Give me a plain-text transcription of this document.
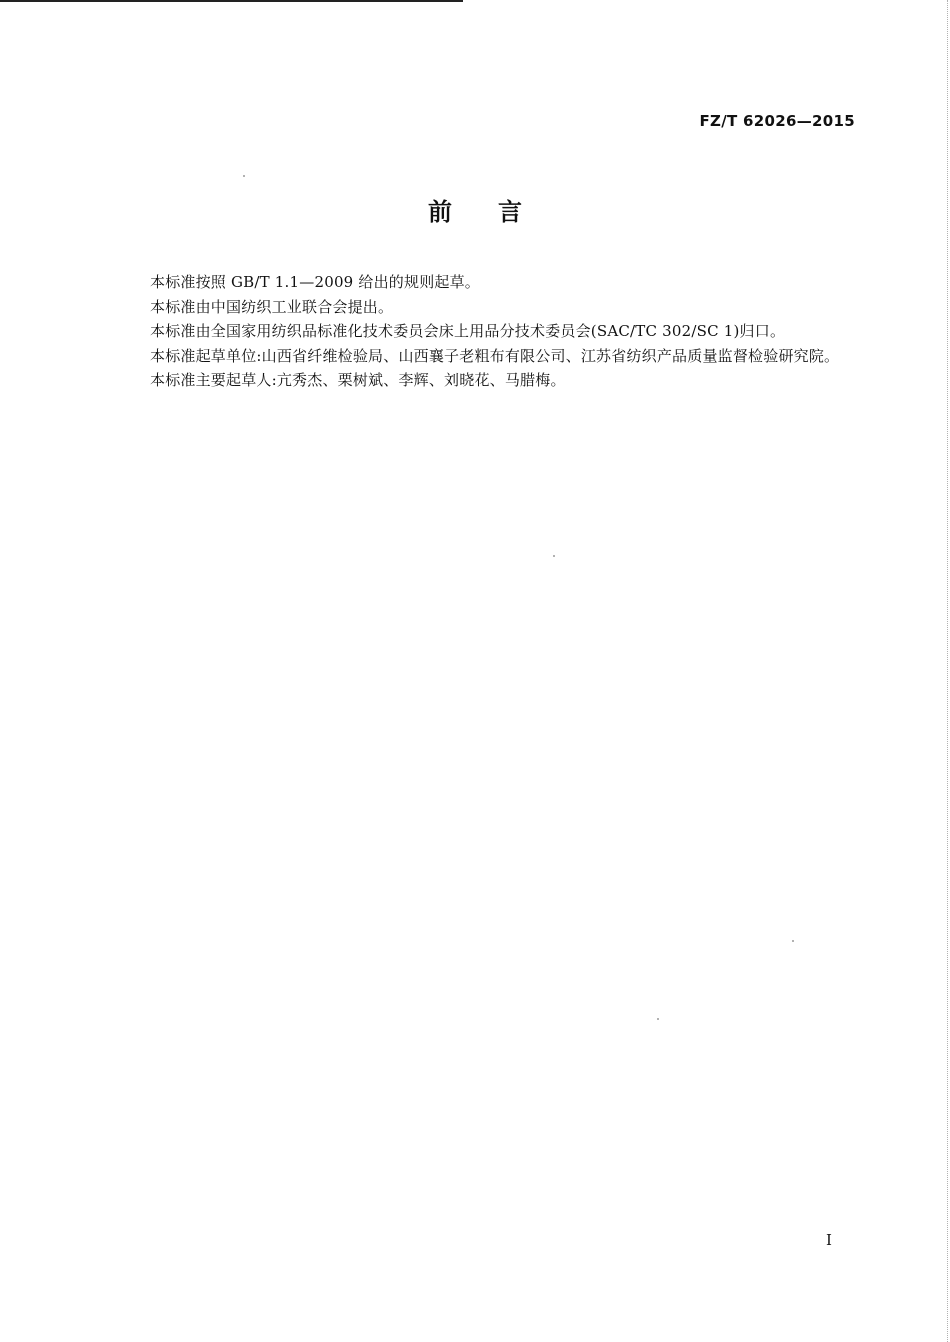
FZ/T 62026—2015
前言

本标准按照 GB/T 1.1—2009 给出的规则起草。

本标准由中国纺织工业联合会提出。

本标准由全国家用纺织品标准化技术委员会床上用品分技术委员会(SAC/TC 302/SC 1)归口。

本标准起草单位:山西省纤维检验局、山西襄子老粗布有限公司、江苏省纺织产品质量监督检验研究院。

本标准主要起草人:亢秀杰、栗树斌、李辉、刘晓花、马腊梅。

I
